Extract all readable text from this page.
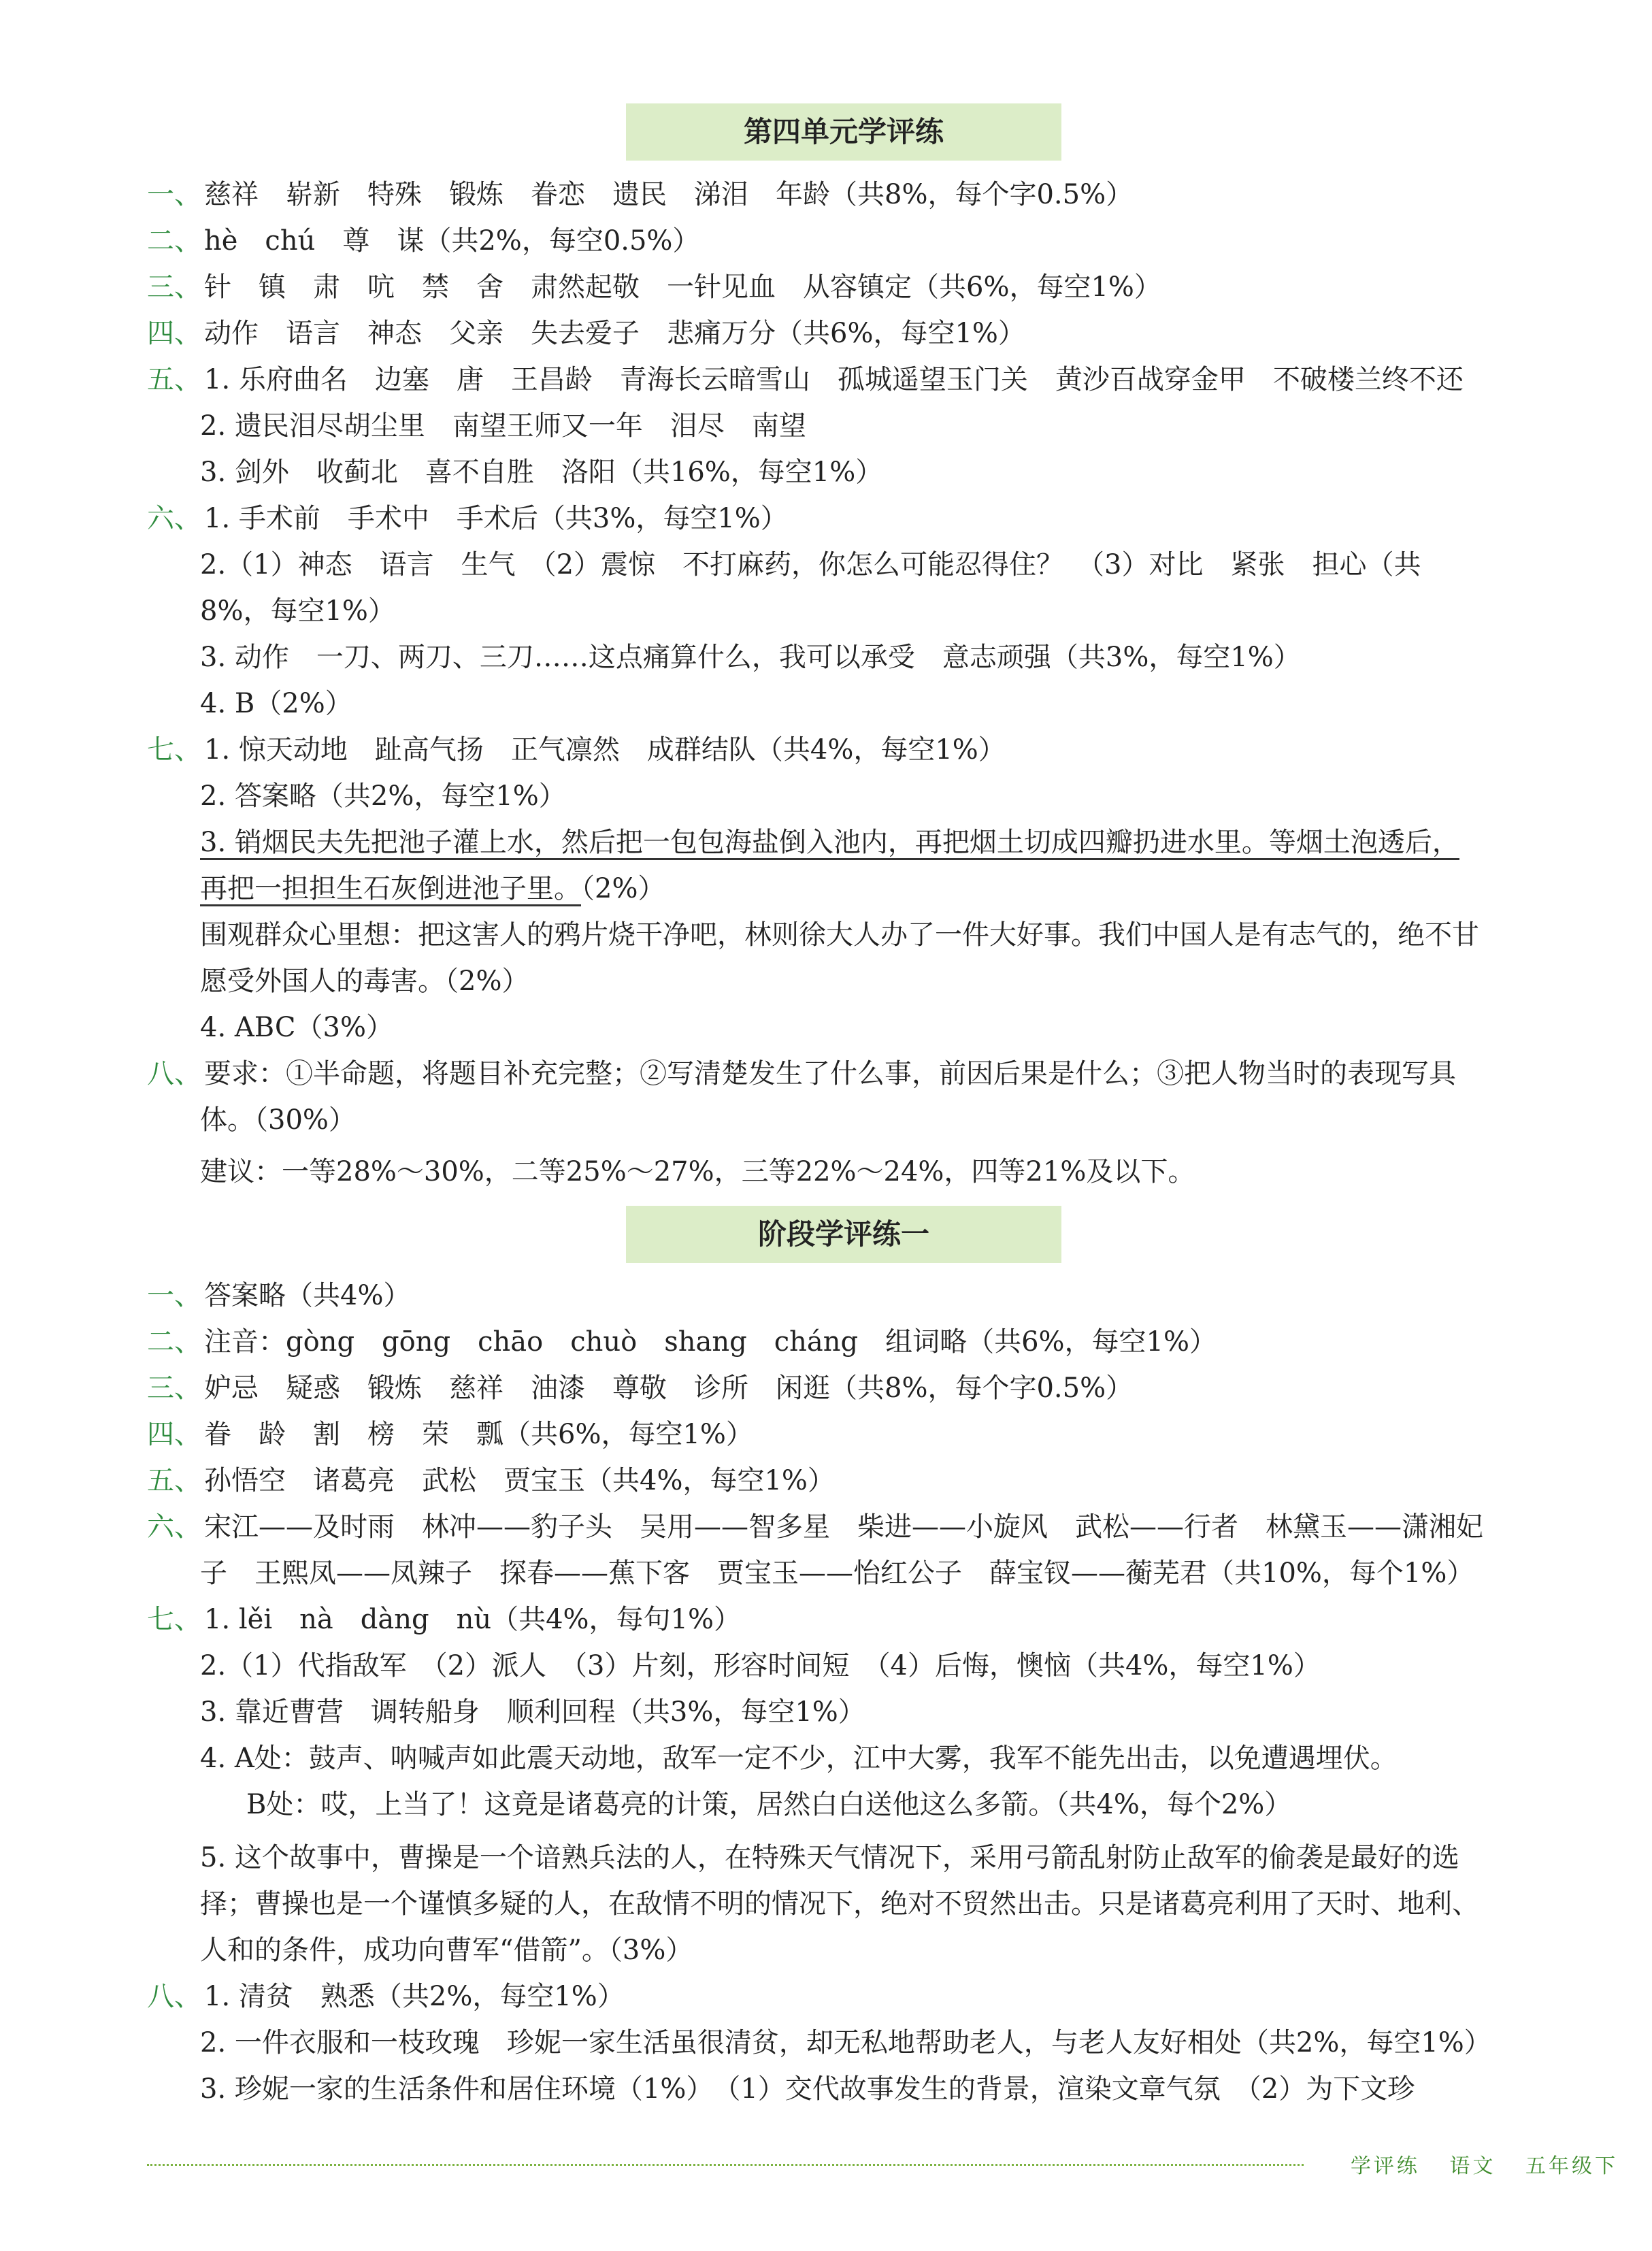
第四单元学评练
一、 慈祥　崭新　特殊　锻炼　眷恋　遗民　涕泪　年龄（共8%，每个字0.5%）
二、 hè　chú　尊　谋（共2%，每空0.5%）
三、 针　镇　肃　吭　禁　舍　肃然起敬　一针见血　从容镇定（共6%，每空1%）
四、 动作　语言　神态　父亲　失去爱子　悲痛万分（共6%，每空1%）
五、 1. 乐府曲名　边塞　唐　王昌龄　青海长云暗雪山　孤城遥望玉门关　黄沙百战穿金甲　不破楼兰终不还
2. 遗民泪尽胡尘里　南望王师又一年　泪尽　南望
3. 剑外　收蓟北　喜不自胜　洛阳（共16%，每空1%）
六、 1. 手术前　手术中　手术后（共3%，每空1%）
2.（1）神态　语言　生气　（2）震惊　不打麻药，你怎么可能忍得住？　（3）对比　紧张　担心（共
8%，每空1%）
3. 动作　一刀、两刀、三刀……这点痛算什么，我可以承受　意志顽强（共3%，每空1%）
4. B（2%）
七、 1. 惊天动地　趾高气扬　正气凛然　成群结队（共4%，每空1%）
2. 答案略（共2%，每空1%）
3. 销烟民夫先把池子灌上水，然后把一包包海盐倒入池内，再把烟土切成四瓣扔进水里。等烟土泡透后，
再把一担担生石灰倒进池子里。（2%）
围观群众心里想：把这害人的鸦片烧干净吧，林则徐大人办了一件大好事。我们中国人是有志气的，绝不甘
愿受外国人的毒害。（2%）
4. ABC（3%）
八、 要求：①半命题，将题目补充完整；②写清楚发生了什么事，前因后果是什么；③把人物当时的表现写具
体。（30%）
建议：一等28%～30%，二等25%～27%，三等22%～24%，四等21%及以下。
阶段学评练一
一、 答案略（共4%）
二、 注音：gòng　gōng　chāo　chuò　shang　cháng　组词略（共6%，每空1%）
三、 妒忌　疑惑　锻炼　慈祥　油漆　尊敬　诊所　闲逛（共8%，每个字0.5%）
四、 眷　龄　割　榜　荣　瓢（共6%，每空1%）
五、 孙悟空　诸葛亮　武松　贾宝玉（共4%，每空1%）
六、 宋江——及时雨　林冲——豹子头　吴用——智多星　柴进——小旋风　武松——行者　林黛玉——潇湘妃
子　王熙凤——凤辣子　探春——蕉下客　贾宝玉——怡红公子　薛宝钗——蘅芜君（共10%，每个1%）
七、 1. lěi　nà　dàng　nù（共4%，每句1%）
2.（1）代指敌军　（2）派人　（3）片刻，形容时间短　（4）后悔，懊恼（共4%，每空1%）
3. 靠近曹营　调转船身　顺利回程（共3%，每空1%）
4. A处：鼓声、呐喊声如此震天动地，敌军一定不少，江中大雾，我军不能先出击，以免遭遇埋伏。
B处：哎，上当了！这竟是诸葛亮的计策，居然白白送他这么多箭。（共4%，每个2%）
5. 这个故事中，曹操是一个谙熟兵法的人，在特殊天气情况下，采用弓箭乱射防止敌军的偷袭是最好的选
择；曹操也是一个谨慎多疑的人，在敌情不明的情况下，绝对不贸然出击。只是诸葛亮利用了天时、地利、
人和的条件，成功向曹军“借箭”。（3%）
八、 1. 清贫　熟悉（共2%，每空1%）
2. 一件衣服和一枝玫瑰　珍妮一家生活虽很清贫，却无私地帮助老人，与老人友好相处（共2%，每空1%）
3. 珍妮一家的生活条件和居住环境（1%）　（1）交代故事发生的背景，渲染文章气氛　（2）为下文珍
学评练 语文 五年级下
